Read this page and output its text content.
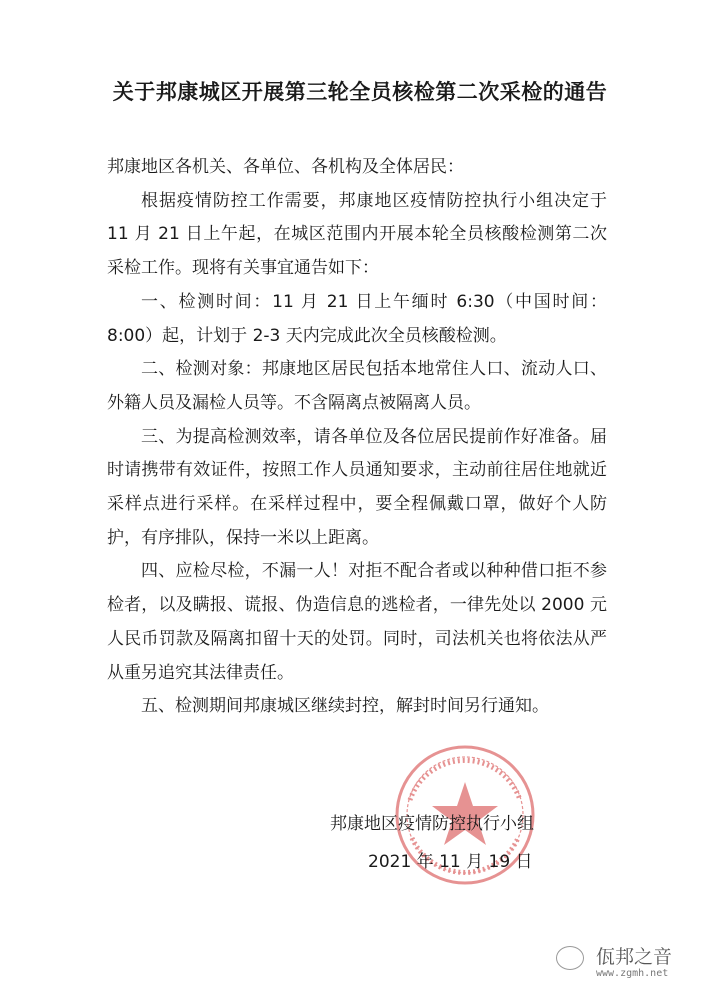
关于邦康城区开展第三轮全员核检第二次采检的通告

邦康地区各机关、各单位、各机构及全体居民：

根据疫情防控工作需要，邦康地区疫情防控执行小组决定于 11 月 21 日上午起，在城区范围内开展本轮全员核酸检测第二次采检工作。现将有关事宜通告如下：

一、检测时间：11 月 21 日上午缅时 6:30（中国时间：8:00）起，计划于 2-3 天内完成此次全员核酸检测。

二、检测对象：邦康地区居民包括本地常住人口、流动人口、外籍人员及漏检人员等。不含隔离点被隔离人员。

三、为提高检测效率，请各单位及各位居民提前作好准备。届时请携带有效证件，按照工作人员通知要求，主动前往居住地就近采样点进行采样。在采样过程中，要全程佩戴口罩，做好个人防护，有序排队，保持一米以上距离。

四、应检尽检，不漏一人！对拒不配合者或以种种借口拒不参检者，以及瞒报、谎报、伪造信息的逃检者，一律先处以 2000 元人民币罚款及隔离扣留十天的处罚。同时，司法机关也将依法从严从重另追究其法律责任。

五、检测期间邦康城区继续封控，解封时间另行通知。

邦康地区疫情防控执行小组
2021 年 11 月 19 日
佤邦之音
www.zgmh.net
